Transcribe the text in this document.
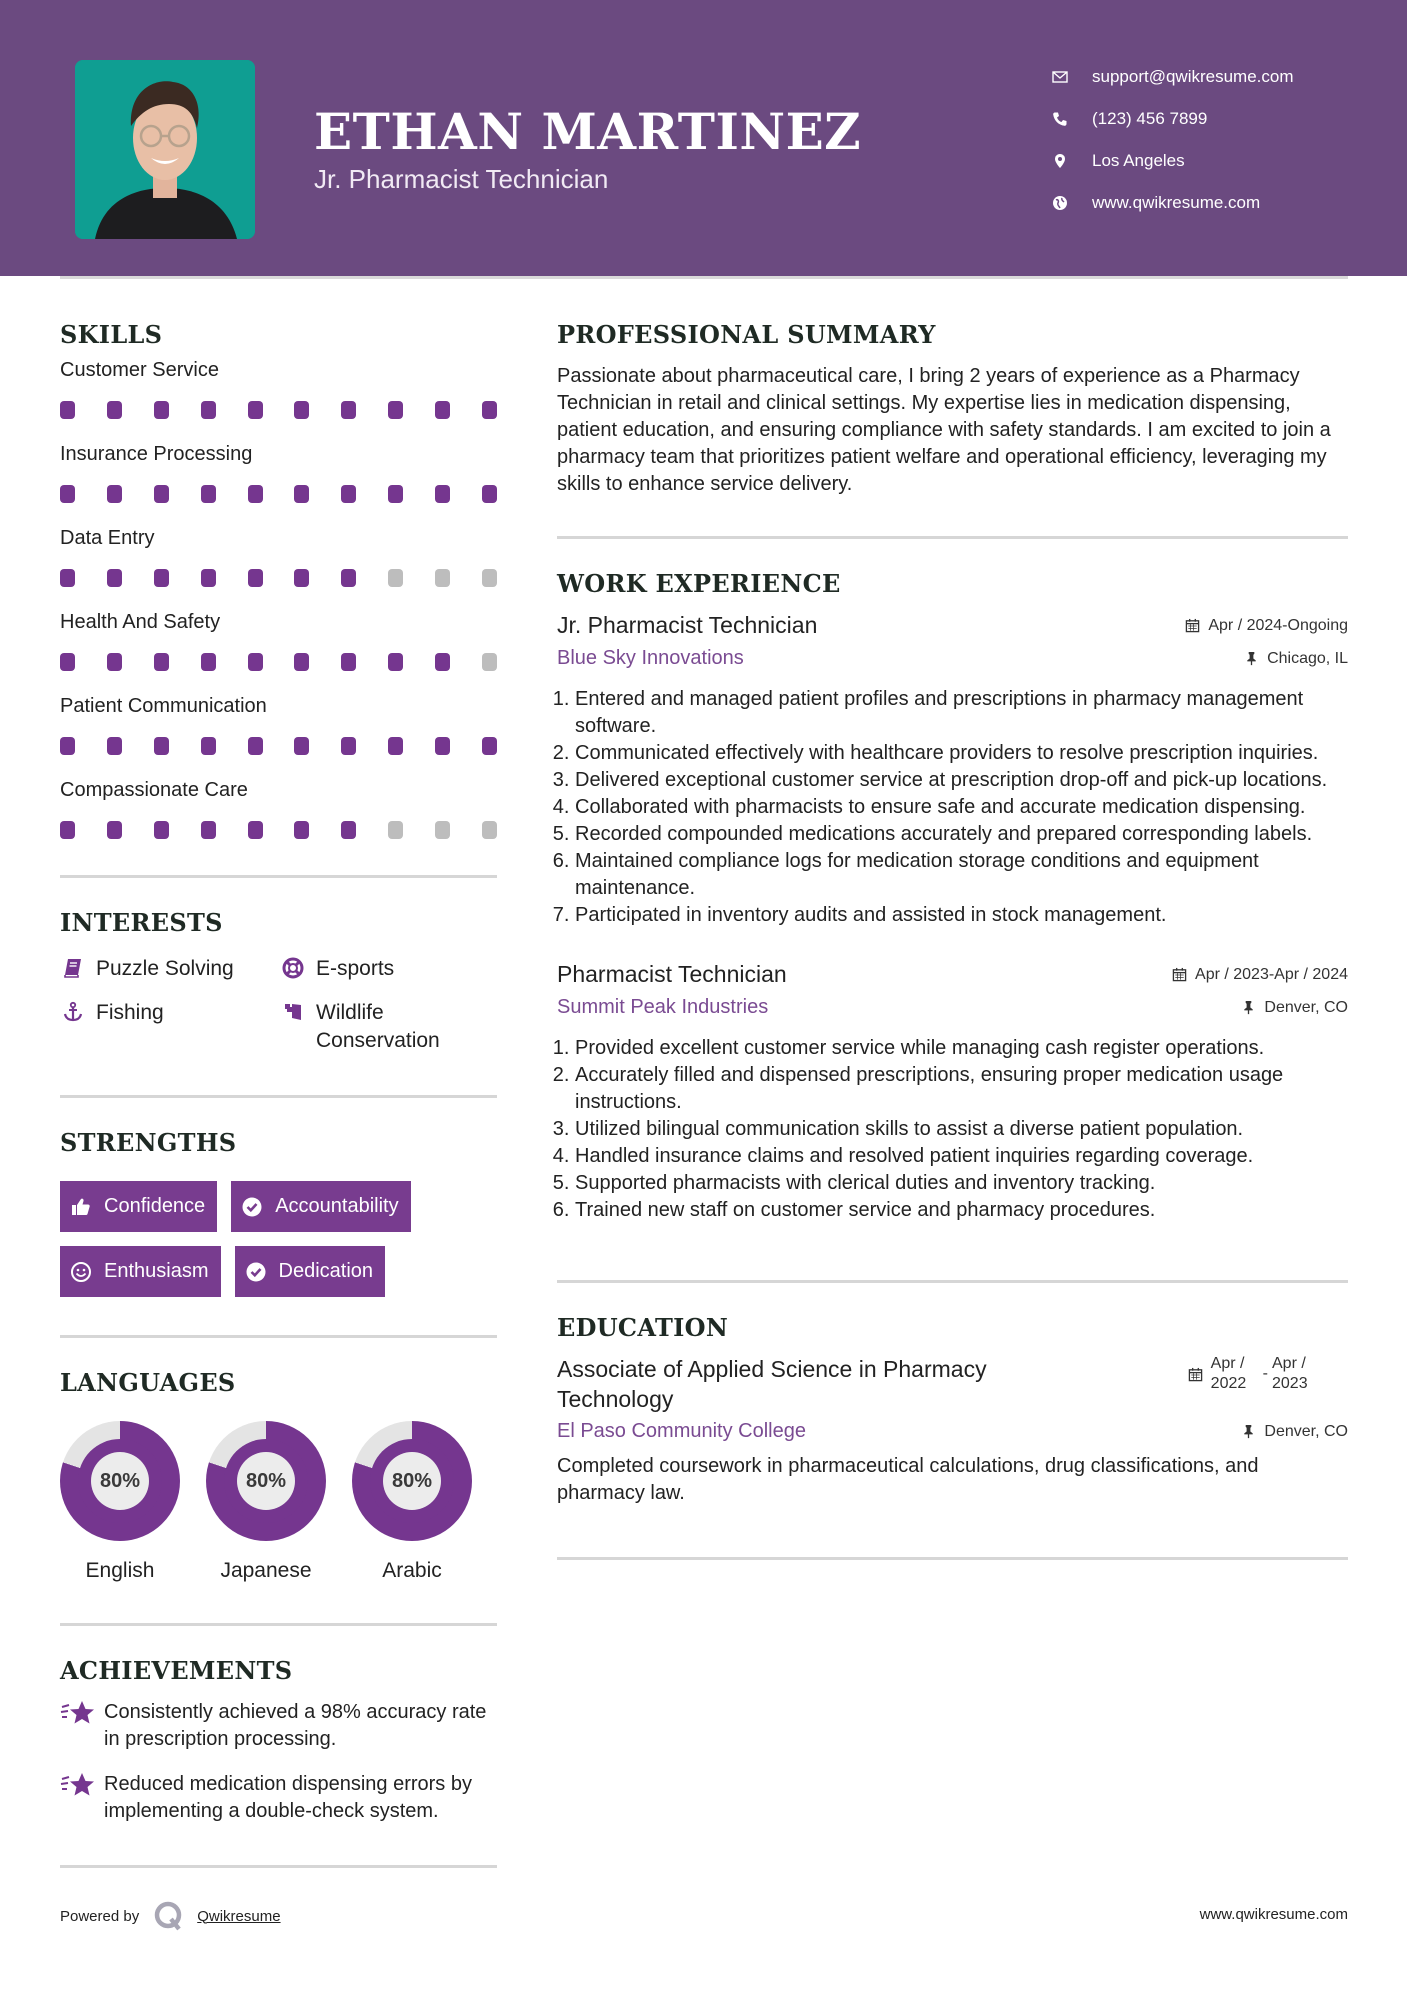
ETHAN MARTINEZ
Jr. Pharmacist Technician
support@qwikresume.com
(123) 456 7899
Los Angeles
www.qwikresume.com
SKILLS
Customer Service
Insurance Processing
Data Entry
Health And Safety
Patient Communication
Compassionate Care
INTERESTS
Puzzle Solving	E-sports
Fishing	Wildlife Conservation
STRENGTHS
Confidence	Accountability
Enthusiasm	Dedication
LANGUAGES
80%
English
80%
Japanese
80%
Arabic
ACHIEVEMENTS
Consistently achieved a 98% accuracy rate in prescription processing.
Reduced medication dispensing errors by implementing a double-check system.
PROFESSIONAL SUMMARY
Passionate about pharmaceutical care, I bring 2 years of experience as a Pharmacy Technician in retail and clinical settings. My expertise lies in medication dispensing, patient education, and ensuring compliance with safety standards. I am excited to join a pharmacy team that prioritizes patient welfare and operational efficiency, leveraging my skills to enhance service delivery.
WORK EXPERIENCE
Jr. Pharmacist Technician	Apr / 2024-Ongoing
Blue Sky Innovations	Chicago, IL
1. Entered and managed patient profiles and prescriptions in pharmacy management software.
2. Communicated effectively with healthcare providers to resolve prescription inquiries.
3. Delivered exceptional customer service at prescription drop-off and pick-up locations.
4. Collaborated with pharmacists to ensure safe and accurate medication dispensing.
5. Recorded compounded medications accurately and prepared corresponding labels.
6. Maintained compliance logs for medication storage conditions and equipment maintenance.
7. Participated in inventory audits and assisted in stock management.
Pharmacist Technician	Apr / 2023-Apr / 2024
Summit Peak Industries	Denver, CO
1. Provided excellent customer service while managing cash register operations.
2. Accurately filled and dispensed prescriptions, ensuring proper medication usage instructions.
3. Utilized bilingual communication skills to assist a diverse patient population.
4. Handled insurance claims and resolved patient inquiries regarding coverage.
5. Supported pharmacists with clerical duties and inventory tracking.
6. Trained new staff on customer service and pharmacy procedures.
EDUCATION
Associate of Applied Science in Pharmacy Technology
Apr / 2022
-
Apr / 2023
El Paso Community College	Denver, CO
Completed coursework in pharmaceutical calculations, drug classifications, and pharmacy law.
Powered by	Qwikresume	www.qwikresume.com
